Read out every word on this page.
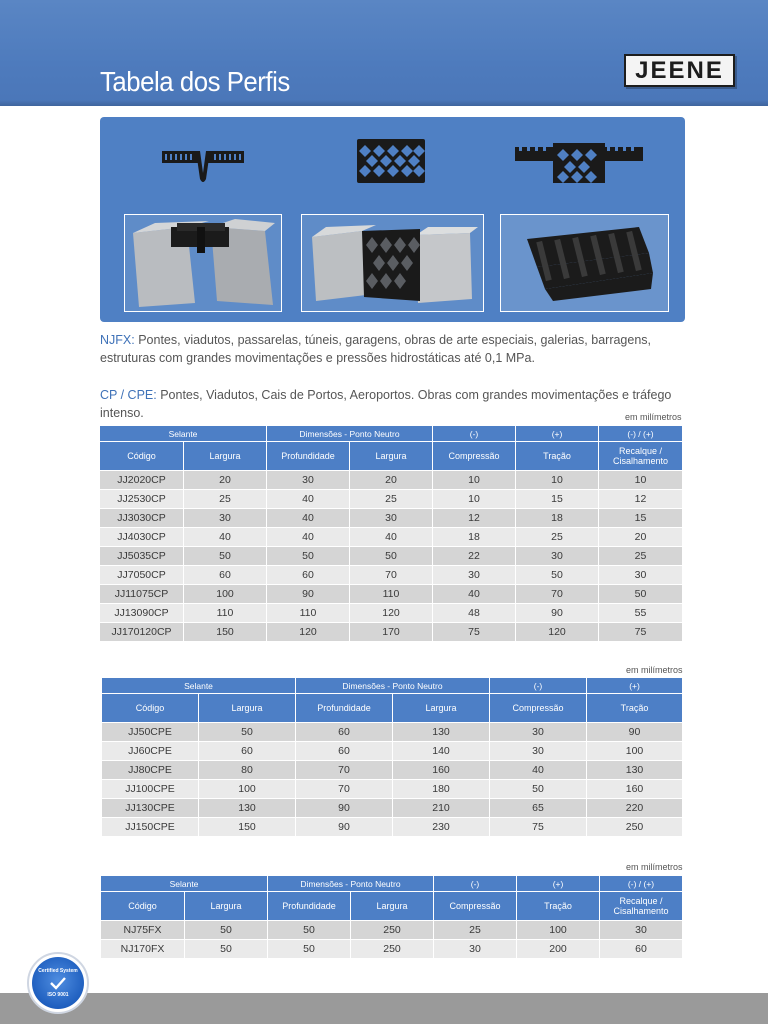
Tabela dos Perfis	JEENE

NJFX: Pontes, viadutos, passarelas, túneis, garagens, obras de arte especiais, galerias, barragens, estruturas com grandes movimentações e pressões hidrostáticas até 0,1 MPa.

CP / CPE: Pontes, Viadutos, Cais de Portos, Aeroportos. Obras com grandes movimentações e tráfego intenso.	em milímetros
Selante		Dimensões - Ponto Neutro		(-)	(+)	(-) / (+)
Código	Largura	Profundidade	Largura	Compressão	Tração	Recalque / Cisalhamento
JJ2020CP	20	30	20	10	10	10
JJ2530CP	25	40	25	10	15	12
JJ3030CP	30	40	30	12	18	15
JJ4030CP	40	40	40	18	25	20
JJ5035CP	50	50	50	22	30	25
JJ7050CP	60	60	70	30	50	30
JJ11075CP	100	90	110	40	70	50
JJ13090CP	110	110	120	48	90	55
JJ170120CP	150	120	170	75	120	75
em milímetros
Selante		Dimensões - Ponto Neutro		(-)	(+)
Código	Largura	Profundidade	Largura	Compressão	Tração
JJ50CPE	50	60	130	30	90
JJ60CPE	60	60	140	30	100
JJ80CPE	80	70	160	40	130
JJ100CPE	100	70	180	50	160
JJ130CPE	130	90	210	65	220
JJ150CPE	150	90	230	75	250
em milímetros
Selante		Dimensões - Ponto Neutro		(-)	(+)	(-) / (+)
Código	Largura	Profundidade	Largura	Compressão	Tração	Recalque / Cisalhamento
NJ75FX	50	50	250	25	100	30
NJ170FX	50	50	250	30	200	60
Certified System
ISO 9001
